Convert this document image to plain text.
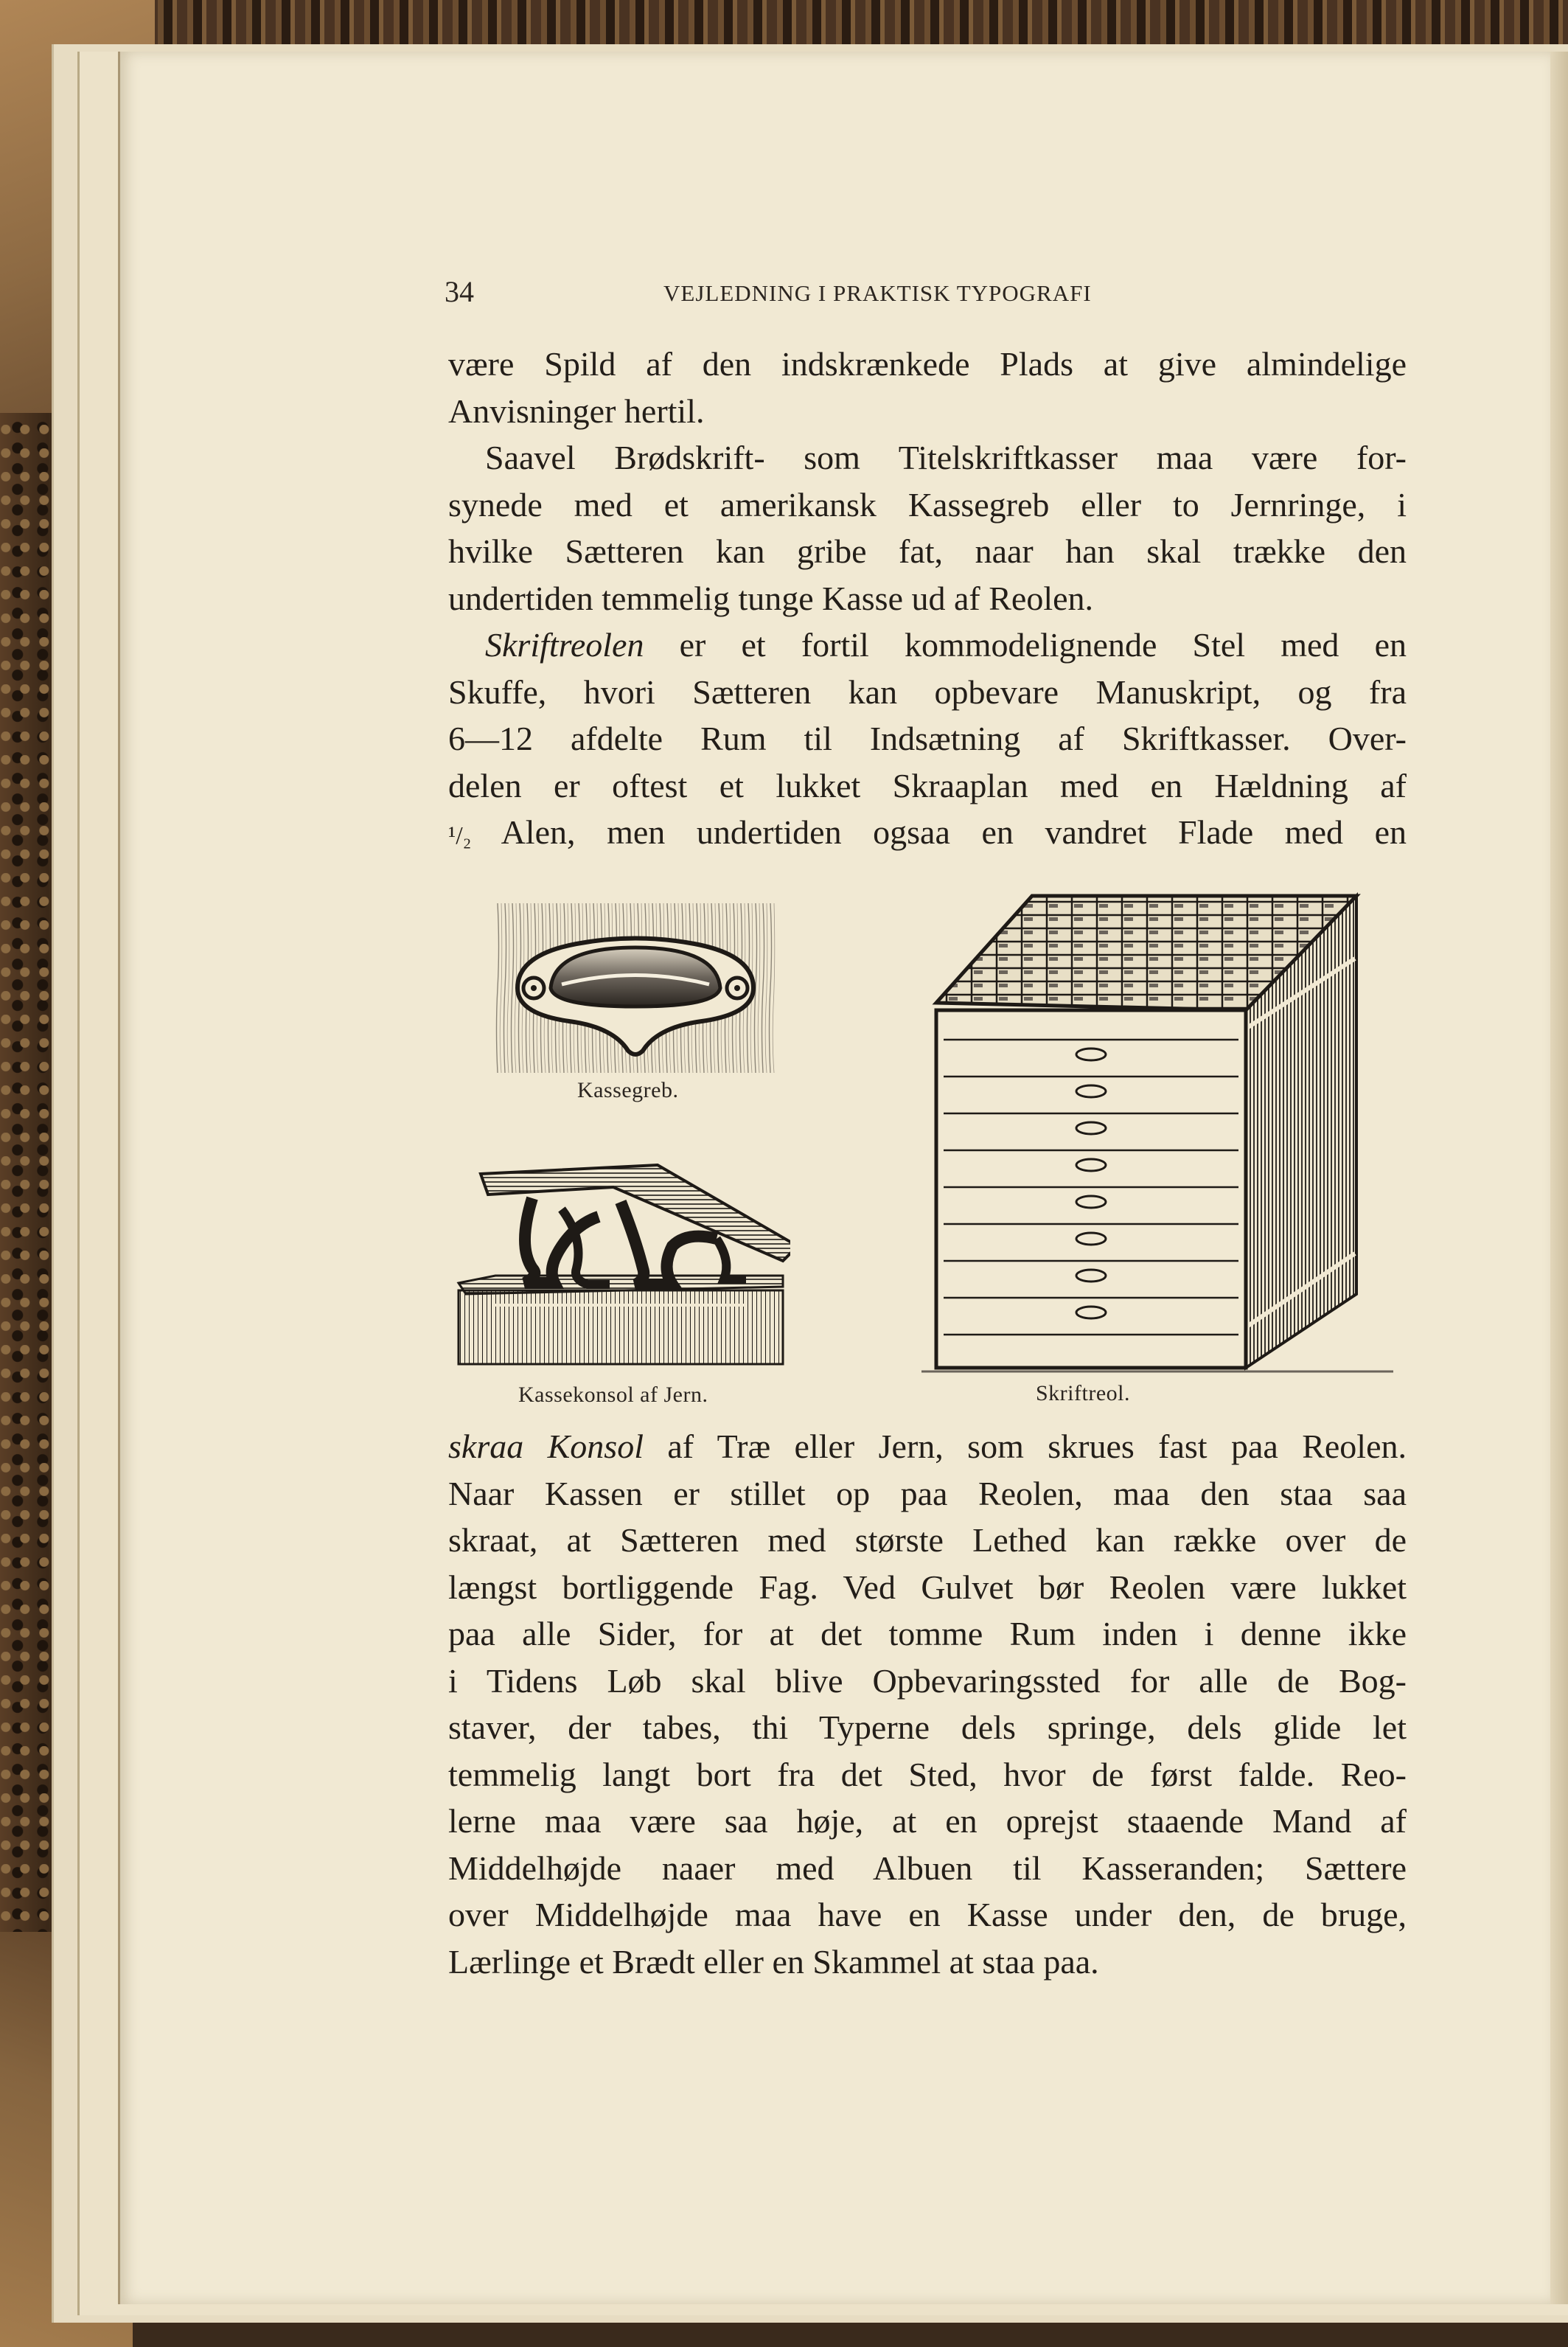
34	VEJLEDNING I PRAKTISK TYPOGRAFI
være Spild af den indskrænkede Plads at give almindelige
Anvisninger hertil.
Saavel Brødskrift- som Titelskriftkasser maa være for-
synede med et amerikansk Kassegreb eller to Jernringe, i
hvilke Sætteren kan gribe fat, naar han skal trække den
undertiden temmelig tunge Kasse ud af Reolen.
Skriftreolen er et fortil kommodelignende Stel med en
Skuffe, hvori Sætteren kan opbevare Manuskript, og fra
6—12 afdelte Rum til Indsætning af Skriftkasser. Over-
delen er oftest et lukket Skraaplan med en Hældning af
¹/₂ Alen, men undertiden ogsaa en vandret Flade med en
Kassegreb.
Kassekonsol af Jern.	Skriftreol.
skraa Konsol af Træ eller Jern, som skrues fast paa Reolen.
Naar Kassen er stillet op paa Reolen, maa den staa saa
skraat, at Sætteren med største Lethed kan række over de
længst bortliggende Fag. Ved Gulvet bør Reolen være lukket
paa alle Sider, for at det tomme Rum inden i denne ikke
i Tidens Løb skal blive Opbevaringssted for alle de Bog-
staver, der tabes, thi Typerne dels springe, dels glide let
temmelig langt bort fra det Sted, hvor de først falde. Reo-
lerne maa være saa høje, at en oprejst staaende Mand af
Middelhøjde naaer med Albuen til Kasseranden; Sættere
over Middelhøjde maa have en Kasse under den, de bruge,
Lærlinge et Brædt eller en Skammel at staa paa.
